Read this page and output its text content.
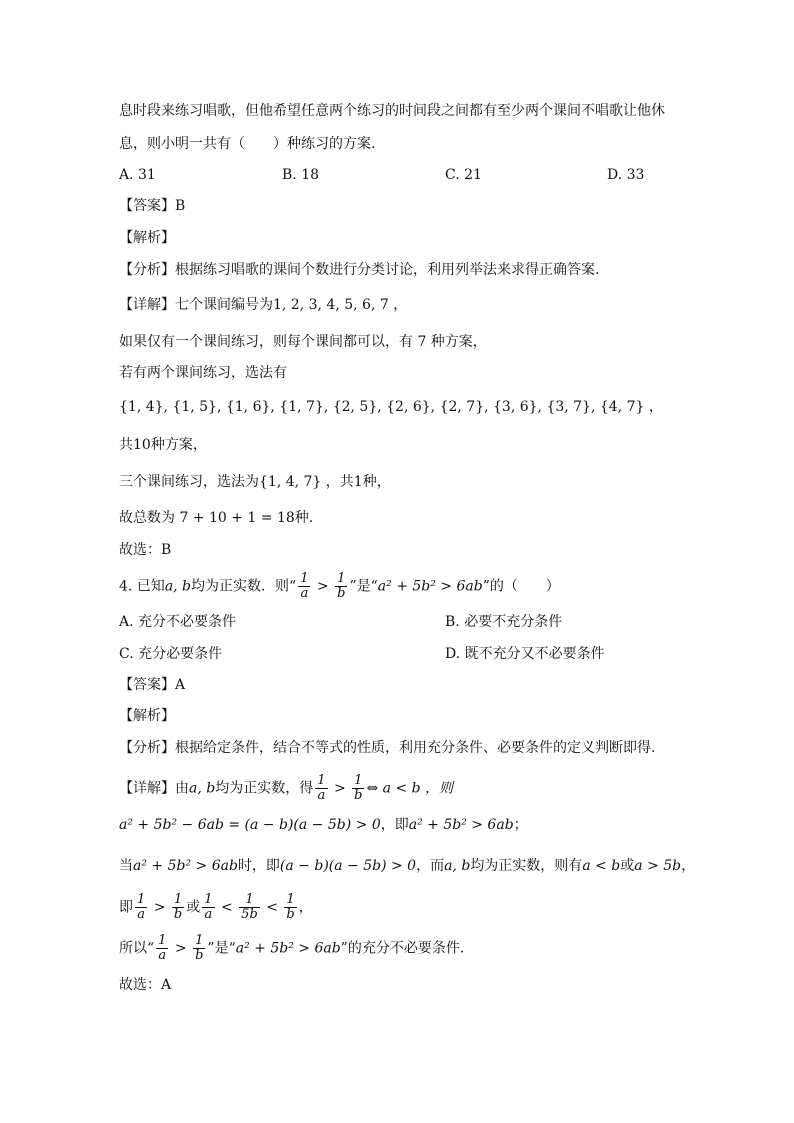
息时段来练习唱歌，但他希望任意两个练习的时间段之间都有至少两个课间不唱歌让他休
息，则小明一共有（　　）种练习的方案.
A. 31	B. 18	C. 21	D. 33
【答案】B
【解析】
【分析】根据练习唱歌的课间个数进行分类讨论，利用列举法来求得正确答案.
【详解】七个课间编号为1, 2, 3, 4, 5, 6, 7 ，
如果仅有一个课间练习，则每个课间都可以，有 7 种方案，
若有两个课间练习，选法有
{1, 4}, {1, 5}, {1, 6}, {1, 7}, {2, 5}, {2, 6}, {2, 7}, {3, 6}, {3, 7}, {4, 7} ，
共10种方案，
三个课间练习，选法为{1, 4, 7} ，共1种，
故总数为 7 + 10 + 1 = 18种.
故选：B
4. 已知a, b均为正实数．则“ $\frac{1}{a} > \frac{1}{b}$ ”是“a² + 5b² > 6ab”的（　　）
A. 充分不必要条件	B. 必要不充分条件
C. 充分必要条件	D. 既不充分又不必要条件
【答案】A
【解析】
【分析】根据给定条件，结合不等式的性质，利用充分条件、必要条件的定义判断即得.
【详解】由a, b均为正实数，得 $\frac{1}{a} > \frac{1}{b}$ ⇔ a < b ，则
a² + 5b² − 6ab = (a − b)(a − 5b) > 0，即a² + 5b² > 6ab；
当a² + 5b² > 6ab时，即(a − b)(a − 5b) > 0，而a, b均为正实数，则有a < b或a > 5b，
即 $\frac{1}{a} > \frac{1}{b}$ 或 $\frac{1}{a} < \frac{1}{5b} < \frac{1}{b}$ ，
所以“ $\frac{1}{a} > \frac{1}{b}$ ”是“a² + 5b² > 6ab”的充分不必要条件.
故选：A
